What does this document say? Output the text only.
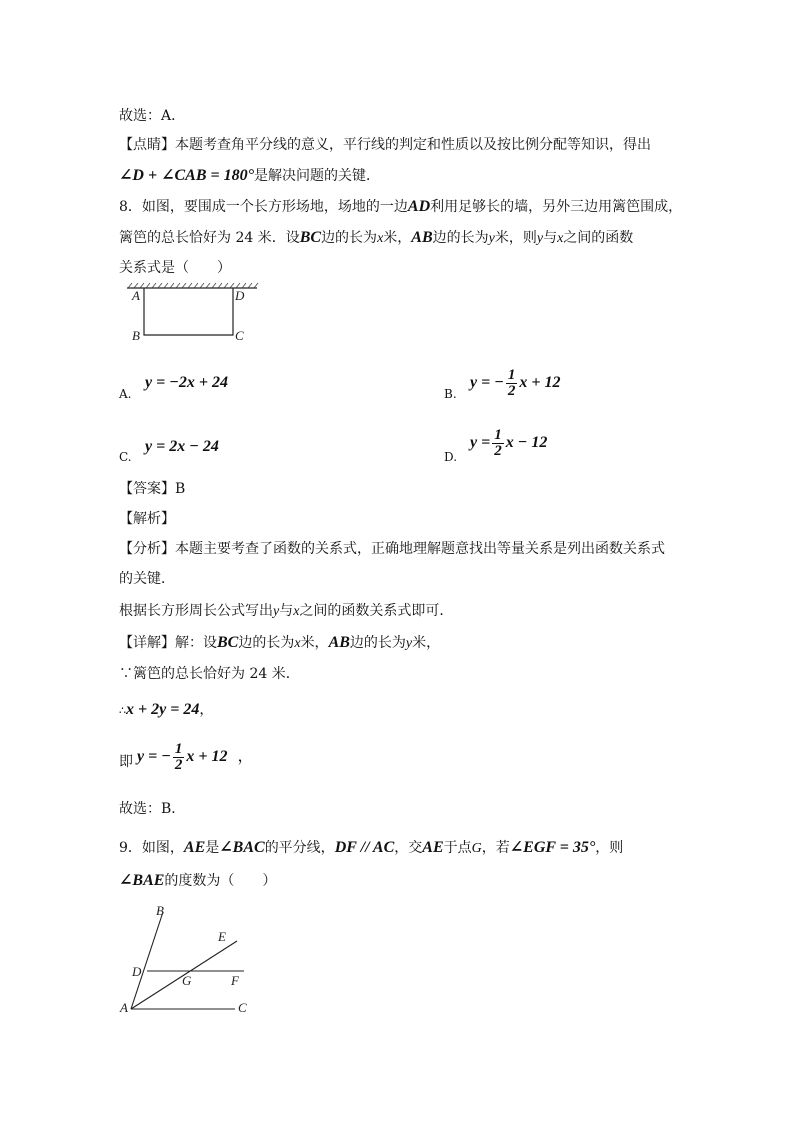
故选：A．
【点睛】本题考查角平分线的意义，平行线的判定和性质以及按比例分配等知识，得出
∠D + ∠CAB = 180°是解决问题的关键．
8．如图，要围成一个长方形场地，场地的一边AD利用足够长的墙，另外三边用篱笆围成，
篱笆的总长恰好为 24 米．设BC边的长为x米，AB边的长为y米，则y与x之间的函数
关系式是（　　）
A	D
B	C
A.
y = −2x + 24
B.
y = − $\frac{1}{2}$ x + 12
C.
y = 2x − 24
D.
$y = \frac{1}{2}$ x − 12
【答案】B
【解析】
【分析】本题主要考查了函数的关系式，正确地理解题意找出等量关系是列出函数关系式
的关键．
根据长方形周长公式写出y与x之间的函数关系式即可．
【详解】解：设BC边的长为x米，AB边的长为y米，
∵篱笆的总长恰好为 24 米．
∴x + 2y = 24，
即 y = − $\frac{1}{2}$ x + 12 ，
故选：B．
9．如图，AE是∠BAC的平分线，DF // AC，交AE于点G，若∠EGF = 35°，则
∠BAE的度数为（　　）
B
E
D
G	F
A	C
